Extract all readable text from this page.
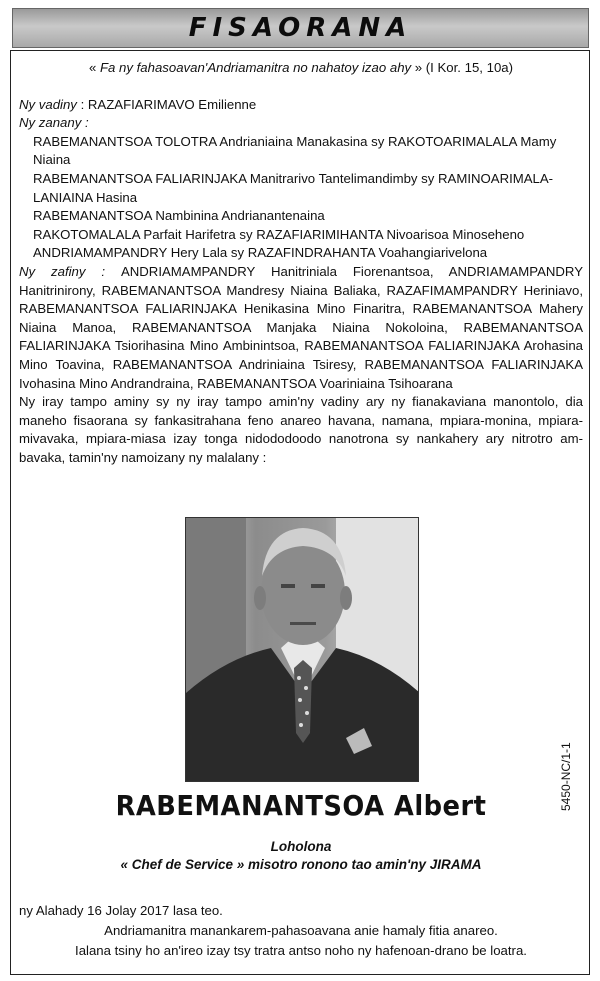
FISAORANA
« Fa ny fahasoavan'Andriamanitra no nahatoy izao ahy » (I Kor. 15, 10a)
Ny vadiny : RAZAFIARIMAVO Emilienne
Ny zanany :
RABEMANANTSOA TOLOTRA Andrianiaina Manakasina sy RAKOTOARIMALALA Mamy Niaina
RABEMANANTSOA FALIARINJAKA Manitrarivo Tantelimandimby sy RAMINOARIMALA-LANIAINA Hasina
RABEMANANTSOA Nambinina Andrianantenaina
RAKOTOMALALA Parfait Harifetra sy RAZAFIARIMIHANTA Nivoarisoa Minoseheno
ANDRIAMAMPANDRY Hery Lala sy RAZAFINDRAHANTA Voahangiarivelona
Ny zafiny : ANDRIAMAMPANDRY Hanitriniala Fiorenantsoa, ANDRIAMAMPANDRY Hanitrinirony, RABEMANANTSOA Mandresy Niaina Baliaka, RAZAFIMAMPANDRY Heriniavo, RABEMANANTSOA FALIARINJAKA Henikasina Mino Finaritra, RABEMANANTSOA Mahery Niaina Manoa, RABEMANANTSOA Manjaka Niaina Nokoloina, RABEMANANTSOA FALIARINJAKA Tsiorihasina Mino Ambinintsoa, RABEMANANTSOA FALIARINJAKA Arohasina Mino Toavina, RABEMANANTSOA Andriniaina Tsiresy, RABEMANANTSOA FALIARINJAKA Ivohasina Mino Andrandraina, RABEMANANTSOA Voariniaina Tsihoarana
Ny iray tampo aminy sy ny iray tampo amin'ny vadiny ary ny fianakaviana manontolo, dia maneho fisaorana sy fankasitrahana feno anareo havana, namana, mpiara-monina, mpiara-mivavaka, mpiara-miasa izay tonga nidododoodo nanotrona sy nankahery ary nitrotro am-bavaka, tamin'ny namoizany ny malalany :
RABEMANANTSOA Albert
Loholona
« Chef de Service » misotro ronono tao amin'ny JIRAMA
5450-NC/1-1
ny Alahady 16 Jolay 2017 lasa teo.
Andriamanitra manankarem-pahasoavana anie hamaly fitia anareo.
Ialana tsiny ho an'ireo izay tsy tratra antso noho ny hafenoan-drano be loatra.
